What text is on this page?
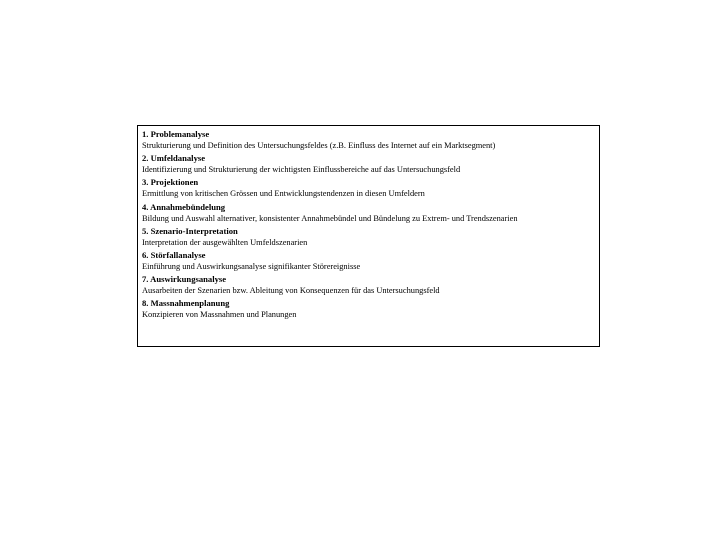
1. Problemanalyse
Strukturierung und Definition des Untersuchungsfeldes (z.B. Einfluss des Internet auf ein Marktsegment)
2. Umfeldanalyse
Identifizierung und Strukturierung der wichtigsten Einflussbereiche auf das Untersuchungsfeld
3. Projektionen
Ermittlung von kritischen Grössen und Entwicklungstendenzen in diesen Umfeldern
4. Annahmebündelung
Bildung und Auswahl alternativer, konsistenter Annahmebündel und Bündelung zu Extrem- und Trendszenarien
5. Szenario-Interpretation
Interpretation der ausgewählten Umfeldszenarien
6. Störfallanalyse
Einführung und Auswirkungsanalyse signifikanter Störereignisse
7. Auswirkungsanalyse
Ausarbeiten der Szenarien bzw. Ableitung von Konsequenzen für das Untersuchungsfeld
8. Massnahmenplanung
Konzipieren von Massnahmen und Planungen
